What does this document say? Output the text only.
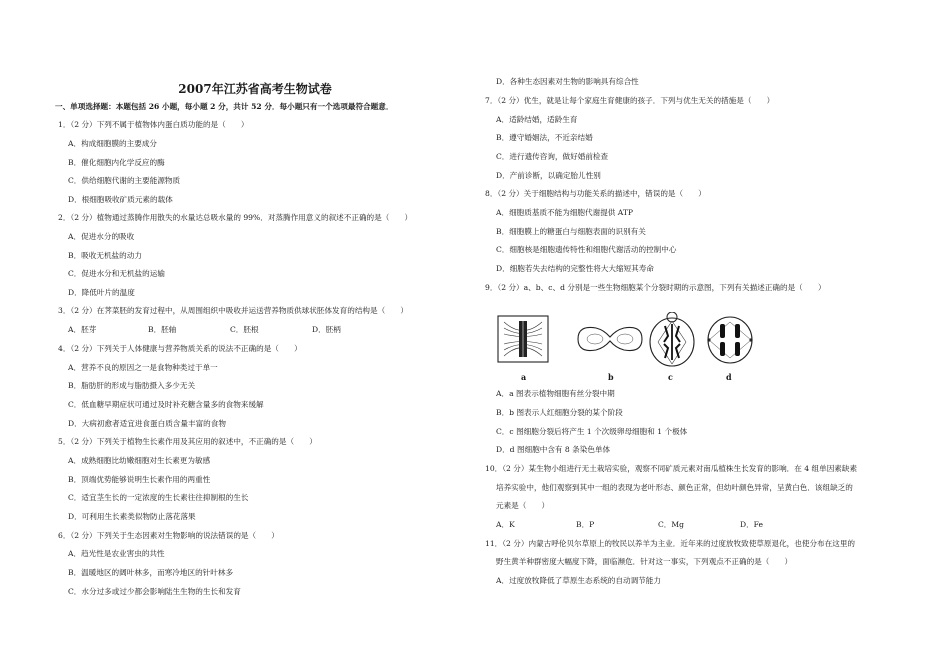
2007年江苏省高考生物试卷
一、单项选择题：本题包括 26 小题，每小题 2 分，共计 52 分．每小题只有一个选项最符合题意．
1．（2 分）下列不属于植物体内蛋白质功能的是（　　）
A．构成细胞膜的主要成分
B．催化细胞内化学反应的酶
C．供给细胞代谢的主要能源物质
D．根细胞吸收矿质元素的载体
2．（2 分）植物通过蒸腾作用散失的水量达总吸水量的 99%．对蒸腾作用意义的叙述不正确的是（　　）
A．促进水分的吸收
B．吸收无机盐的动力
C．促进水分和无机盐的运输
D．降低叶片的温度
3．（2 分）在荠菜胚的发育过程中，从周围组织中吸收并运送营养物质供球状胚体发育的结构是（　　）
A．胚芽	B．胚轴	C．胚根	D．胚柄
4．（2 分）下列关于人体健康与营养物质关系的说法不正确的是（　　）
A．营养不良的原因之一是食物种类过于单一
B．脂肪肝的形成与脂肪摄入多少无关
C．低血糖早期症状可通过及时补充糖含量多的食物来缓解
D．大病初愈者适宜进食蛋白质含量丰富的食物
5．（2 分）下列关于植物生长素作用及其应用的叙述中，不正确的是（　　）
A．成熟细胞比幼嫩细胞对生长素更为敏感
B．顶端优势能够说明生长素作用的两重性
C．适宜茎生长的一定浓度的生长素往往抑制根的生长
D．可利用生长素类似物防止落花落果
6．（2 分）下列关于生态因素对生物影响的说法错误的是（　　）
A．趋光性是农业害虫的共性
B．温暖地区的阔叶林多，而寒冷地区的针叶林多
C．水分过多或过少都会影响陆生生物的生长和发育
D．各种生态因素对生物的影响具有综合性
7．（2 分）优生，就是让每个家庭生育健康的孩子．下列与优生无关的措施是（　　）
A．适龄结婚，适龄生育
B．遵守婚姻法，不近亲结婚
C．进行遗传咨询，做好婚前检查
D．产前诊断，以确定胎儿性别
8．（2 分）关于细胞结构与功能关系的描述中，错误的是（　　）
A．细胞质基质不能为细胞代谢提供 ATP
B．细胞膜上的糖蛋白与细胞表面的识别有关
C．细胞核是细胞遗传特性和细胞代谢活动的控制中心
D．细胞若失去结构的完整性将大大缩短其寿命
9．（2 分）a、b、c、d 分别是一些生物细胞某个分裂时期的示意图，下列有关描述正确的是（　　）
a	b	c	d
A．a 图表示植物细胞有丝分裂中期
B．b 图表示人红细胞分裂的某个阶段
C．c 图细胞分裂后将产生 1 个次级卵母细胞和 1 个极体
D．d 图细胞中含有 8 条染色单体
10．（2 分）某生物小组进行无土栽培实验，观察不同矿质元素对南瓜植株生长发育的影响．在 4 组单因素缺素
培养实验中，他们观察到其中一组的表现为老叶形态、颜色正常，但幼叶颜色异常，呈黄白色．该组缺乏的
元素是（　　）
A．K	B．P	C．Mg	D．Fe
11．（2 分）内蒙古呼伦贝尔草原上的牧民以养羊为主业．近年来的过度放牧致使草原退化，也使分布在这里的
野生黄羊种群密度大幅度下降，面临濒危．针对这一事实，下列观点不正确的是（　　）
A．过度放牧降低了草原生态系统的自动调节能力
